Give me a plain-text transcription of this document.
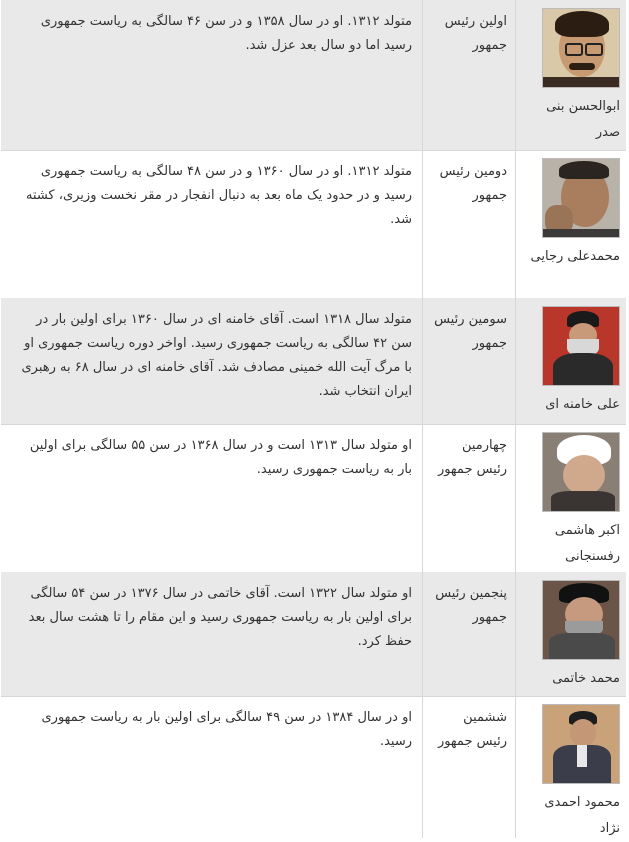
ابوالحسن بنی صدر
اولین رئیس جمهور
متولد ۱۳۱۲. او در سال ۱۳۵۸ و در سن ۴۶ سالگی به ریاست جمهوری رسید اما دو سال بعد عزل شد.
محمدعلی رجایی
دومین رئیس جمهور
متولد ۱۳۱۲. او در سال ۱۳۶۰ و در سن ۴۸ سالگی به ریاست جمهوری رسید و در حدود یک ماه بعد به دنبال انفجار در مقر نخست وزیری، کشته شد.
علی خامنه ای
سومین رئیس جمهور
متولد سال ۱۳۱۸ است. آقای خامنه ای در سال ۱۳۶۰ برای اولین بار در سن ۴۲ سالگی به ریاست جمهوری رسید. اواخر دوره ریاست جمهوری او با مرگ آیت الله خمینی مصادف شد. آقای خامنه ای در سال ۶۸ به رهبری ایران انتخاب شد.
اکبر هاشمی رفسنجانی
چهارمین رئیس جمهور
او متولد سال ۱۳۱۳ است و در سال ۱۳۶۸ در سن ۵۵ سالگی برای اولین بار به ریاست جمهوری رسید.
محمد خاتمی
پنجمین رئیس جمهور
او متولد سال ۱۳۲۲ است. آقای خاتمی در سال ۱۳۷۶ در سن ۵۴ سالگی برای اولین بار به ریاست جمهوری رسید و این مقام را تا هشت سال بعد حفظ کرد.
محمود احمدی نژاد
ششمین رئیس جمهور
او در سال ۱۳۸۴ در سن ۴۹ سالگی برای اولین بار به ریاست جمهوری رسید.
